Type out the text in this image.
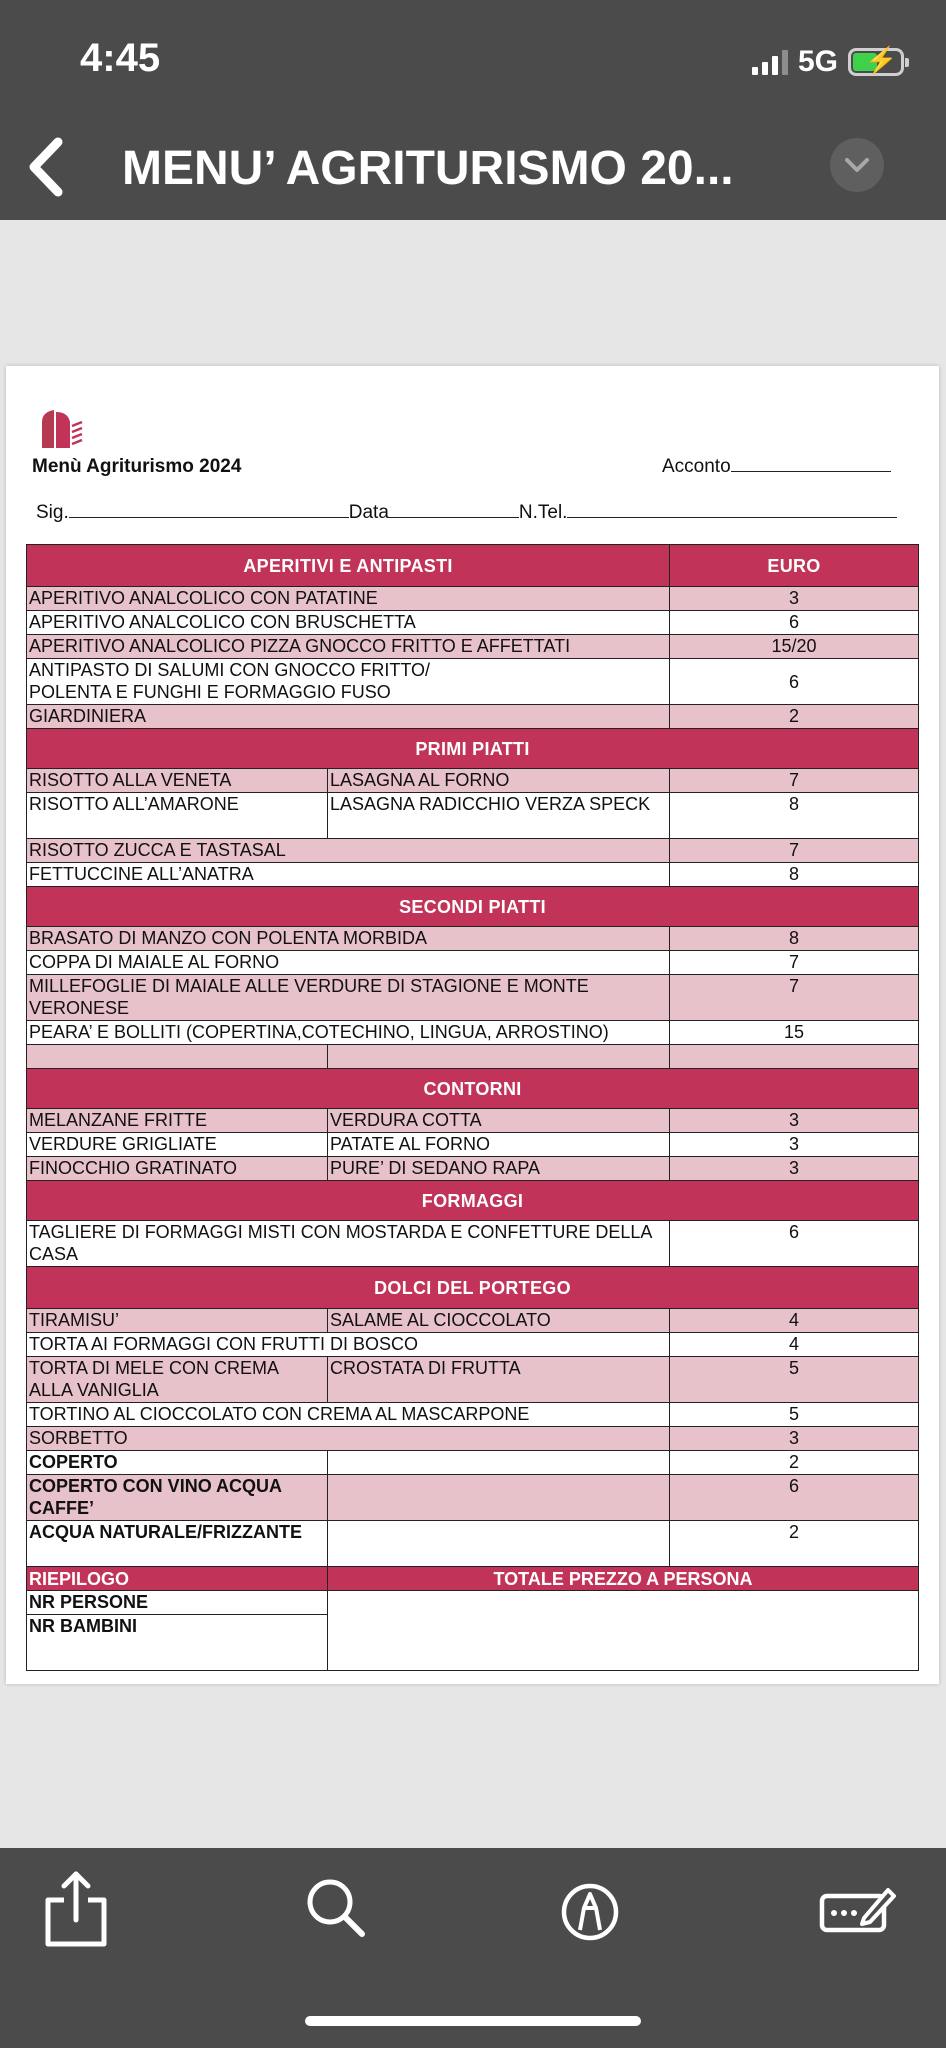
4:45	5G ⚡
MENU’ AGRITURISMO 20...
Menù Agriturismo 2024	Acconto
Sig.	Data	N.Tel.
APERITIVI E ANTIPASTI		EURO
APERITIVO ANALCOLICO CON PATATINE		3
APERITIVO ANALCOLICO CON BRUSCHETTA		6
APERITIVO ANALCOLICO PIZZA GNOCCO FRITTO E AFFETTATI		15/20

ANTIPASTO DI SALUMI CON GNOCCO FRITTO/
POLENTA E FUNGHI E FORMAGGIO FUSO		6
GIARDINIERA		2
PRIMI PIATTI		
RISOTTO ALLA VENETA	LASAGNA AL FORNO	7
RISOTTO ALL’AMARONE	LASAGNA RADICCHIO VERZA SPECK	8
RISOTTO ZUCCA E TASTASAL		7
FETTUCCINE ALL’ANATRA		8
SECONDI PIATTI		
BRASATO DI MANZO CON POLENTA MORBIDA		8
COPPA DI MAIALE AL FORNO		7
MILLEFOGLIE DI MAIALE ALLE VERDURE DI STAGIONE E MONTE VERONESE		7
PEARA’ E BOLLITI (COPERTINA,COTECHINO, LINGUA, ARROSTINO)		15

CONTORNI		
MELANZANE FRITTE	VERDURA COTTA	3
VERDURE GRIGLIATE	PATATE AL FORNO	3
FINOCCHIO GRATINATO	PURE’ DI SEDANO RAPA	3
FORMAGGI		
TAGLIERE DI FORMAGGI MISTI CON MOSTARDA E CONFETTURE DELLA CASA		6
DOLCI DEL PORTEGO		
TIRAMISU’	SALAME AL CIOCCOLATO	4
TORTA AI FORMAGGI CON FRUTTI DI BOSCO		4
TORTA DI MELE CON CREMA ALLA VANIGLIA	CROSTATA DI FRUTTA	5
TORTINO AL CIOCCOLATO CON CREMA AL MASCARPONE		5
SORBETTO		3
COPERTO		2
COPERTO CON VINO ACQUA CAFFE’		6
ACQUA NATURALE/FRIZZANTE		2
RIEPILOGO	TOTALE PREZZO A PERSONA	
NR PERSONE		
NR BAMBINI		
